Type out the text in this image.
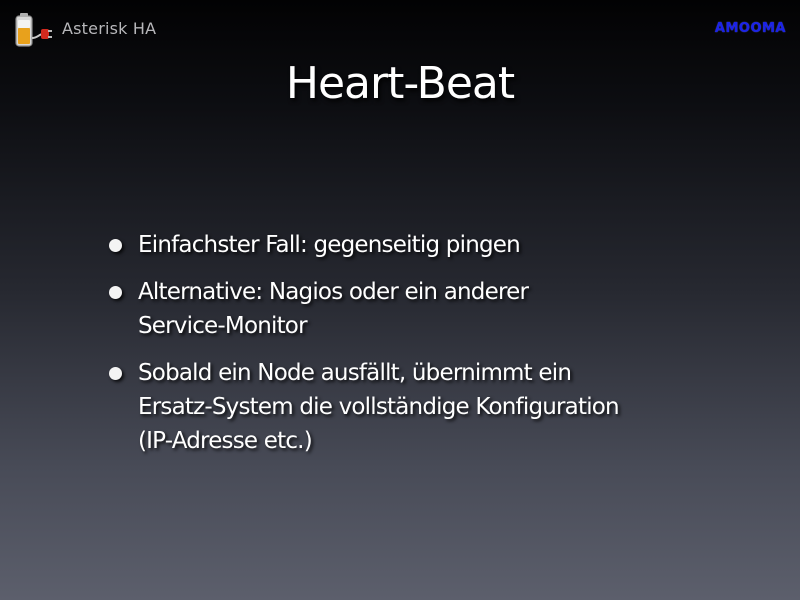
Asterisk HA	AMOOMA
Heart-Beat
Einfachster Fall: gegenseitig pingen
Alternative: Nagios oder ein anderer
Service-Monitor
Sobald ein Node ausfällt, übernimmt ein
Ersatz-System die vollständige Konfiguration
(IP-Adresse etc.)
